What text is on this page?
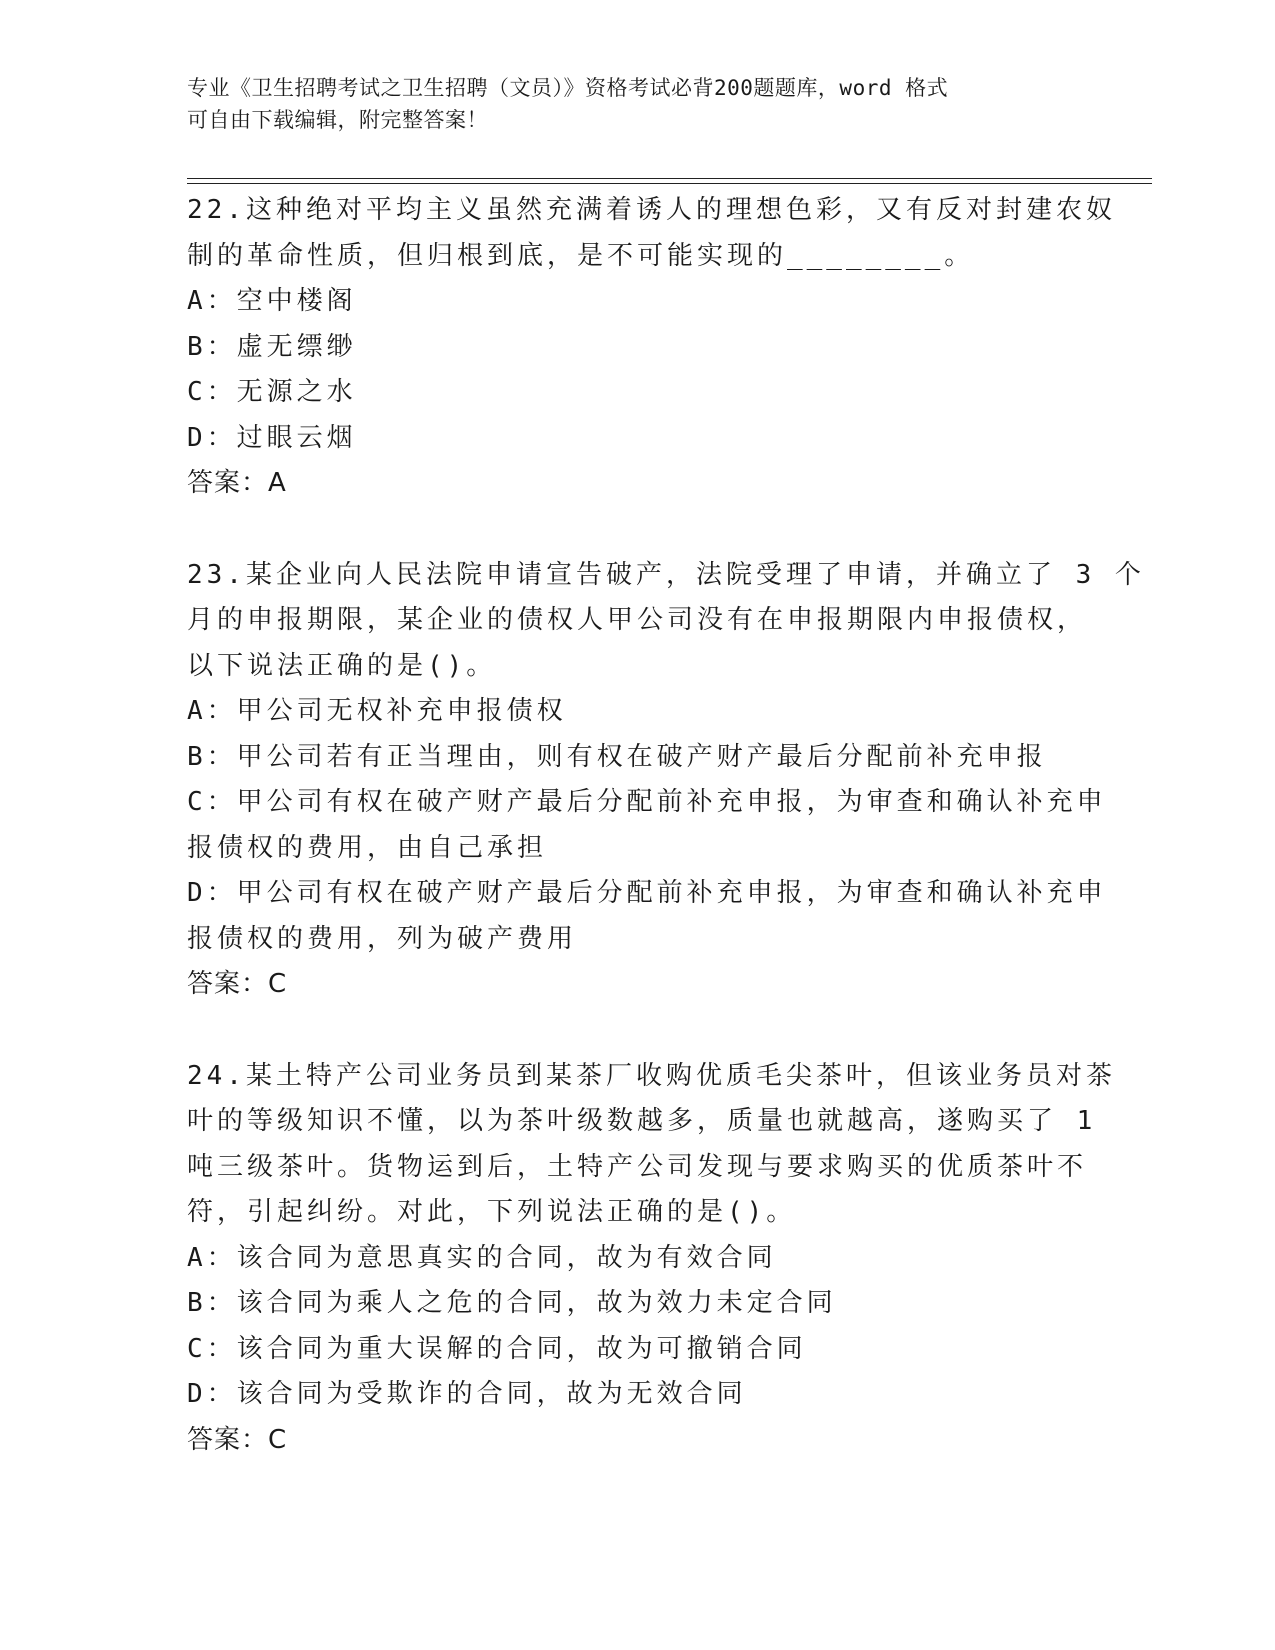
专业《卫生招聘考试之卫生招聘（文员）》资格考试必背200题题库，word 格式
可自由下载编辑，附完整答案！
22.这种绝对平均主义虽然充满着诱人的理想色彩，又有反对封建农奴
制的革命性质，但归根到底，是不可能实现的________。
A：空中楼阁
B：虚无缥缈
C：无源之水
D：过眼云烟
答案：A
23.某企业向人民法院申请宣告破产，法院受理了申请，并确立了 3 个
月的申报期限，某企业的债权人甲公司没有在申报期限内申报债权，
以下说法正确的是()。
A：甲公司无权补充申报债权
B：甲公司若有正当理由，则有权在破产财产最后分配前补充申报
C：甲公司有权在破产财产最后分配前补充申报，为审查和确认补充申
报债权的费用，由自己承担
D：甲公司有权在破产财产最后分配前补充申报，为审查和确认补充申
报债权的费用，列为破产费用
答案：C
24.某土特产公司业务员到某茶厂收购优质毛尖茶叶，但该业务员对茶
叶的等级知识不懂，以为茶叶级数越多，质量也就越高，遂购买了 1
吨三级茶叶。货物运到后，土特产公司发现与要求购买的优质茶叶不
符，引起纠纷。对此，下列说法正确的是()。
A：该合同为意思真实的合同，故为有效合同
B：该合同为乘人之危的合同，故为效力未定合同
C：该合同为重大误解的合同，故为可撤销合同
D：该合同为受欺诈的合同，故为无效合同
答案：C
